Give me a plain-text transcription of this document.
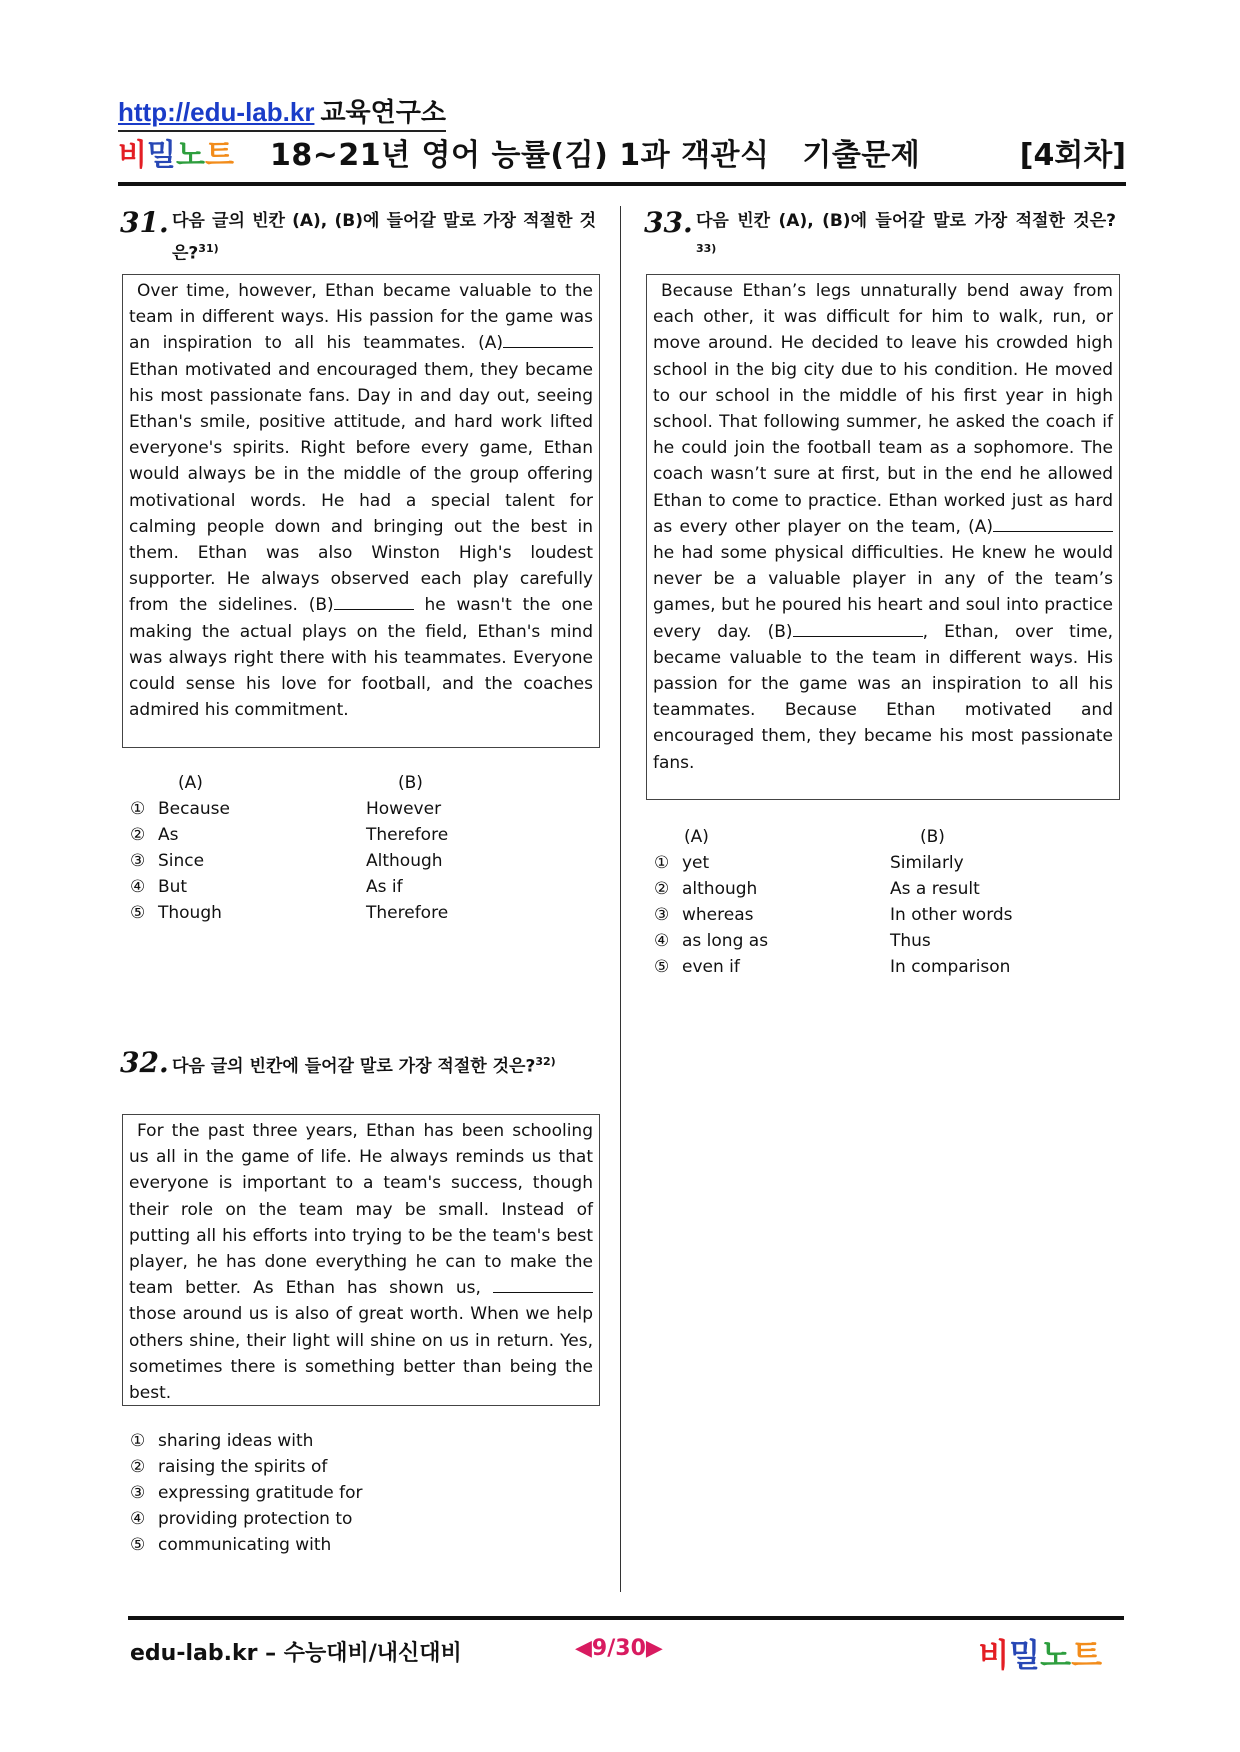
http://edu-lab.kr 교육연구소
비밀노트 18~21년 영어 능률(김) 1과 객관식   기출문제	[4회차]
31. 다음 글의 빈칸 (A), (B)에 들어갈 말로 가장 적절한 것은?$^{31)}$
Over time, however, Ethan became valuable to the team in different ways. His passion for the game was an inspiration to all his teammates. (A) Ethan motivated and encouraged them, they became his most passionate fans. Day in and day out, seeing Ethan's smile, positive attitude, and hard work lifted everyone's spirits. Right before every game, Ethan would always be in the middle of the group offering motivational words. He had a special talent for calming people down and bringing out the best in them. Ethan was also Winston High's loudest supporter. He always observed each play carefully from the sidelines. (B)	he wasn't the one making the actual plays on the field, Ethan's mind was always right there with his teammates. Everyone could sense his love for football, and the coaches admired his commitment.
(A)	(B)
① Because	However
② As	Therefore
③ Since	Although
④ But	As if
⑤ Though	Therefore
32. 다음 글의 빈칸에 들어갈 말로 가장 적절한 것은?$^{32)}$
For the past three years, Ethan has been schooling us all in the game of life. He always reminds us that everyone is important to a team's success, though their role on the team may be small. Instead of putting all his efforts into trying to be the team's best player, he has done everything he can to make the team better. As Ethan has shown us,  those around us is also of great worth. When we help others shine, their light will shine on us in return. Yes, sometimes there is something better than being the best.
① sharing ideas with
② raising the spirits of
③ expressing gratitude for
④ providing protection to
⑤ communicating with
33. 다음 빈칸 (A), (B)에 들어갈 말로 가장 적절한 것은?$^{33)}$
Because Ethan’s legs unnaturally bend away from each other, it was difficult for him to walk, run, or move around. He decided to leave his crowded high school in the big city due to his condition. He moved to our school in the middle of his first year in high school. That following summer, he asked the coach if he could join the football team as a sophomore. The coach wasn’t sure at first, but in the end he allowed Ethan to come to practice. Ethan worked just as hard as every other player on the team, (A) he had some physical difficulties. He knew he would never be a valuable player in any of the team’s games, but he poured his heart and soul into practice every day. (B)	, Ethan, over time, became valuable to the team in different ways. His passion for the game was an inspiration to all his teammates. Because Ethan motivated and encouraged them, they became his most passionate fans.
(A)	(B)
① yet	Similarly
② although	As a result
③ whereas	In other words
④ as long as	Thus
⑤ even if	In comparison
edu-lab.kr – 수능대비/내신대비	◀9/30▶	비밀노트
